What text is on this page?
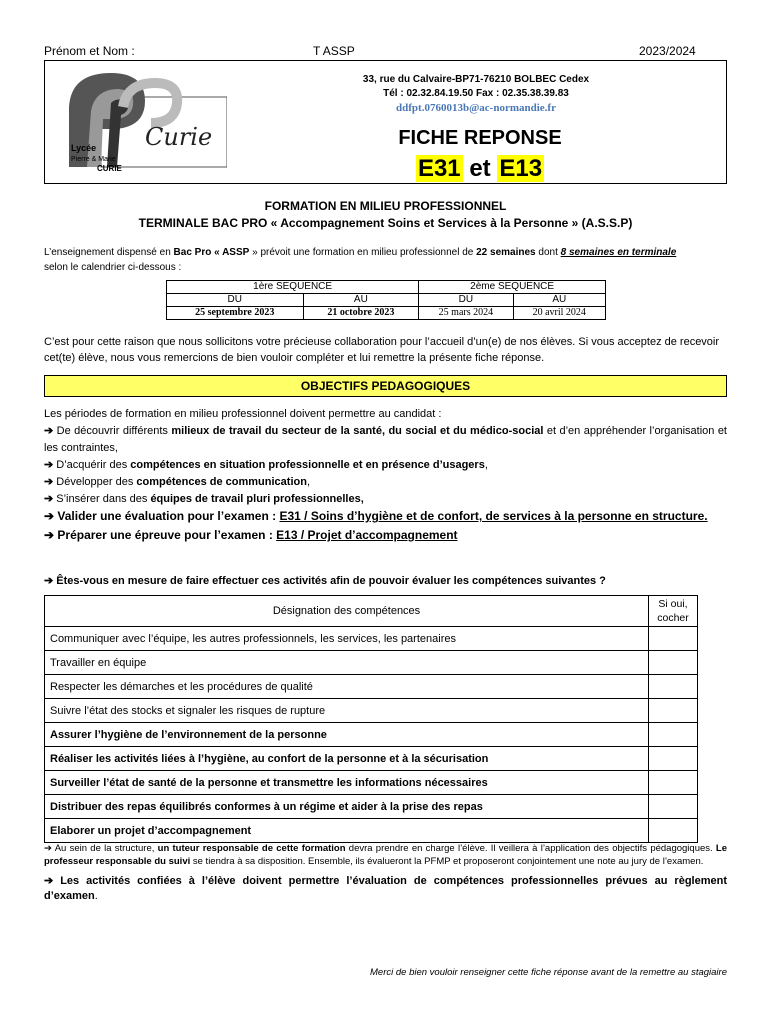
Prénom et Nom :	T ASSP	2023/2024
Curie
Lycée
Pierre & Marie
CURIE
33, rue du Calvaire-BP71-76210 BOLBEC Cedex
Tél : 02.32.84.19.50 Fax : 02.35.38.39.83
ddfpt.0760013b@ac-normandie.fr
FICHE REPONSE
E31 et E13
FORMATION EN MILIEU PROFESSIONNEL
TERMINALE BAC PRO « Accompagnement Soins et Services à la Personne » (A.S.S.P)
L’enseignement dispensé en Bac Pro « ASSP » prévoit une formation en milieu professionnel de 22 semaines dont 8 semaines en terminale
selon le calendrier ci-dessous :
1ère SEQUENCE		2ème SEQUENCE	
DU	AU	DU	AU
25 septembre 2023	21 octobre 2023	25 mars 2024	20 avril 2024
C’est pour cette raison que nous sollicitons votre précieuse collaboration pour l’accueil d’un(e) de nos élèves. Si vous acceptez de recevoir cet(te) élève, nous vous remercions de bien vouloir compléter et lui remettre la présente fiche réponse.
OBJECTIFS PEDAGOGIQUES

Les périodes de formation en milieu professionnel doivent permettre au candidat :

➔ De découvrir différents milieux de travail du secteur de la santé, du social et du médico-social et d’en appréhender l’organisation et les contraintes,

➔ D’acquérir des compétences en situation professionnelle et en présence d’usagers,

➔ Développer des compétences de communication,

➔ S’insérer dans des équipes de travail pluri professionnelles,

➔ Valider une évaluation pour l’examen : E31 / Soins d’hygiène et de confort, de services à la personne en structure.

➔ Préparer une épreuve pour l’examen : E13 / Projet d’accompagnement

➔ Êtes-vous en mesure de faire effectuer ces activités afin de pouvoir évaluer les compétences suivantes ?
Désignation des compétences	Si oui, cocher
Communiquer avec l’équipe, les autres professionnels, les services, les partenaires	
Travailler en équipe	
Respecter les démarches et les procédures de qualité	
Suivre l’état des stocks et signaler les risques de rupture	
Assurer l’hygiène de l’environnement de la personne	
Réaliser les activités liées à l’hygiène, au confort de la personne et à la sécurisation	
Surveiller l’état de santé de la personne et transmettre les informations nécessaires	
Distribuer des repas équilibrés conformes à un régime et aider à la prise des repas	
Elaborer un projet d’accompagnement	

➔ Au sein de la structure, un tuteur responsable de cette formation devra prendre en charge l’élève. Il veillera à l’application des objectifs pédagogiques. Le professeur responsable du suivi se tiendra à sa disposition. Ensemble, ils évalueront la PFMP et proposeront conjointement une note au jury de l’examen.

➔ Les activités confiées à l’élève doivent permettre l’évaluation de compétences professionnelles prévues au règlement d’examen.

Merci de bien vouloir renseigner cette fiche réponse avant de la remettre au stagiaire
